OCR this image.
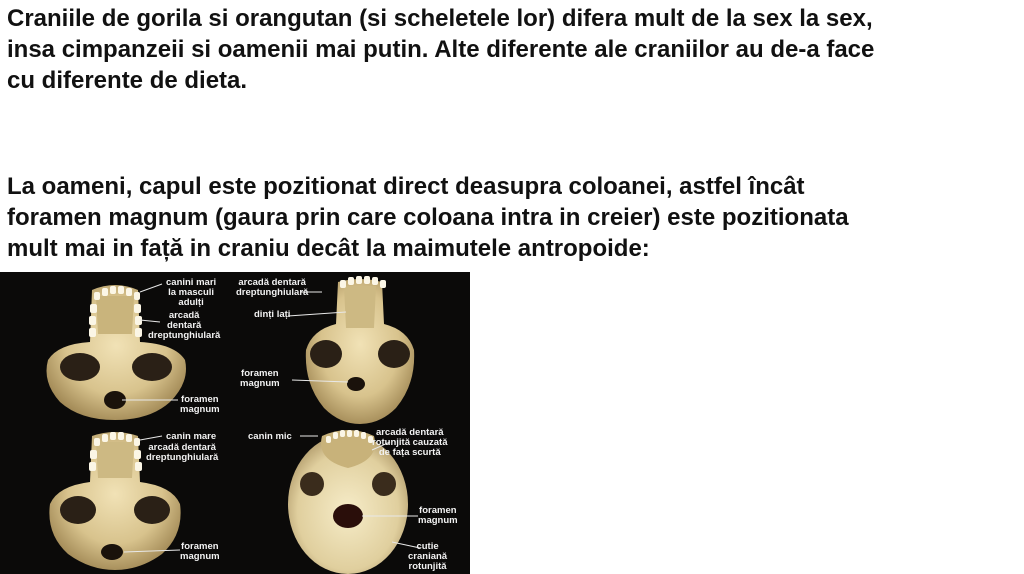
Craniile de gorila si orangutan (si scheletele lor) difera mult de la sex la sex,
insa cimpanzeii si oamenii mai putin. Alte diferente ale craniilor au de-a face
cu diferente de dieta.
La oameni, capul este pozitionat direct deasupra coloanei, astfel încât
foramen magnum (gaura prin care coloana intra in creier) este pozitionata
mult mai in față in craniu decât la maimutele antropoide:
canini mari
la masculi
adulți
arcadă
dentară
dreptunghiulară
foramen
magnum
arcadă dentară
dreptunghiulară
dinți lați
foramen
magnum
canin mare
arcadă dentară
dreptunghiulară
foramen
magnum
canin mic	arcadă dentară
rotunjită cauzată
de fața scurtă
foramen
magnum
cutie
craniană
rotunjită
